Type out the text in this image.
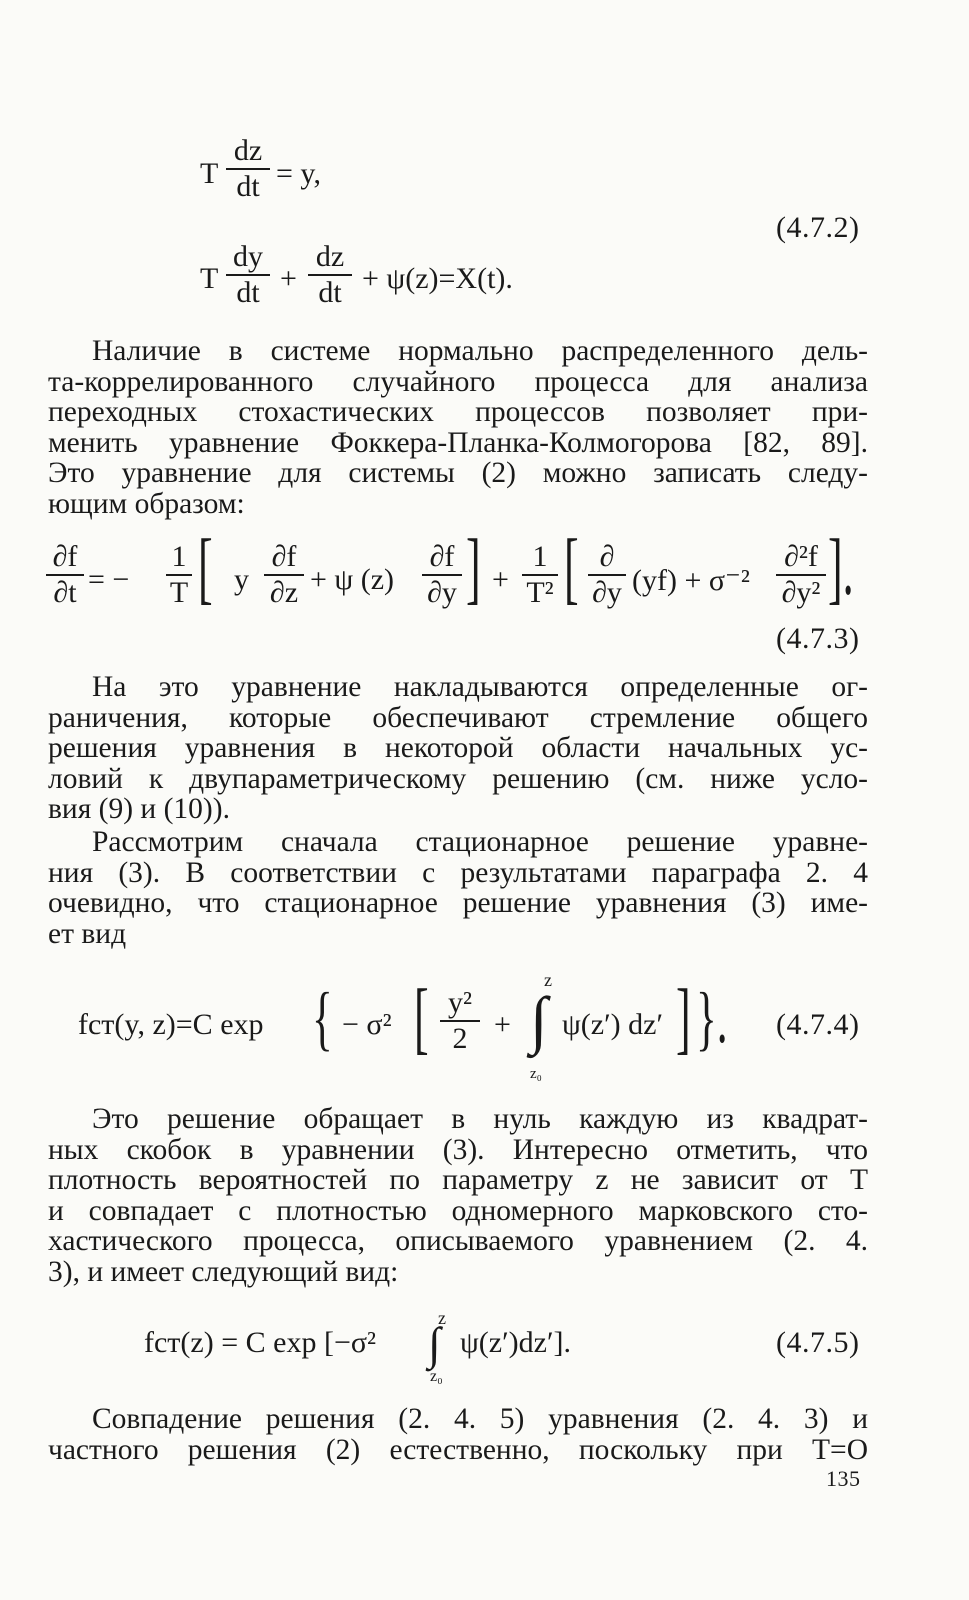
T
dz
dt = y,
T
dy
dt +
dz
dt + ψ(z)=X(t).
(4.7.2)
Наличие в системе нормально распределенного дель-
та-коррелированного случайного процесса для анализа
переходных стохастических процессов позволяет при-
менить уравнение Фоккера-Планка-Колмогорова [82, 89].
Это уравнение для системы (2) можно записать следу-
ющим образом:
∂f
∂t = −
1
T [ y
∂f
∂z + ψ (z)
∂f
∂y ] +
1
T² [ ∂
∂y (yf) + σ⁻²
∂²f
∂y² ].
(4.7.3)
На это уравнение накладываются определенные ог-
раничения, которые обеспечивают стремление общего
решения уравнения в некоторой области начальных ус-
ловий к двупараметрическому решению (см. ниже усло-
вия (9) и (10)).
Рассмотрим сначала стационарное решение уравне-
ния (3). В соответствии с результатами параграфа 2. 4
очевидно, что стационарное решение уравнения (3) име-
ет вид
fст(y, z)=C exp { − σ² [ y²
2 +
z
∫
z₀
ψ(z′) dz′ ] }. (4.7.4)
Это решение обращает в нуль каждую из квадрат-
ных скобок в уравнении (3). Интересно отметить, что
плотность вероятностей по параметру z не зависит от T
и совпадает с плотностью одномерного марковского сто-
хастического процесса, описываемого уравнением (2. 4.
3), и имеет следующий вид:
fст(z) = C exp [−σ²
z
∫
z₀
ψ(z′)dz′].	(4.7.5)
Совпадение решения (2. 4. 5) уравнения (2. 4. 3) и
частного решения (2) естественно, поскольку при T=O
135
